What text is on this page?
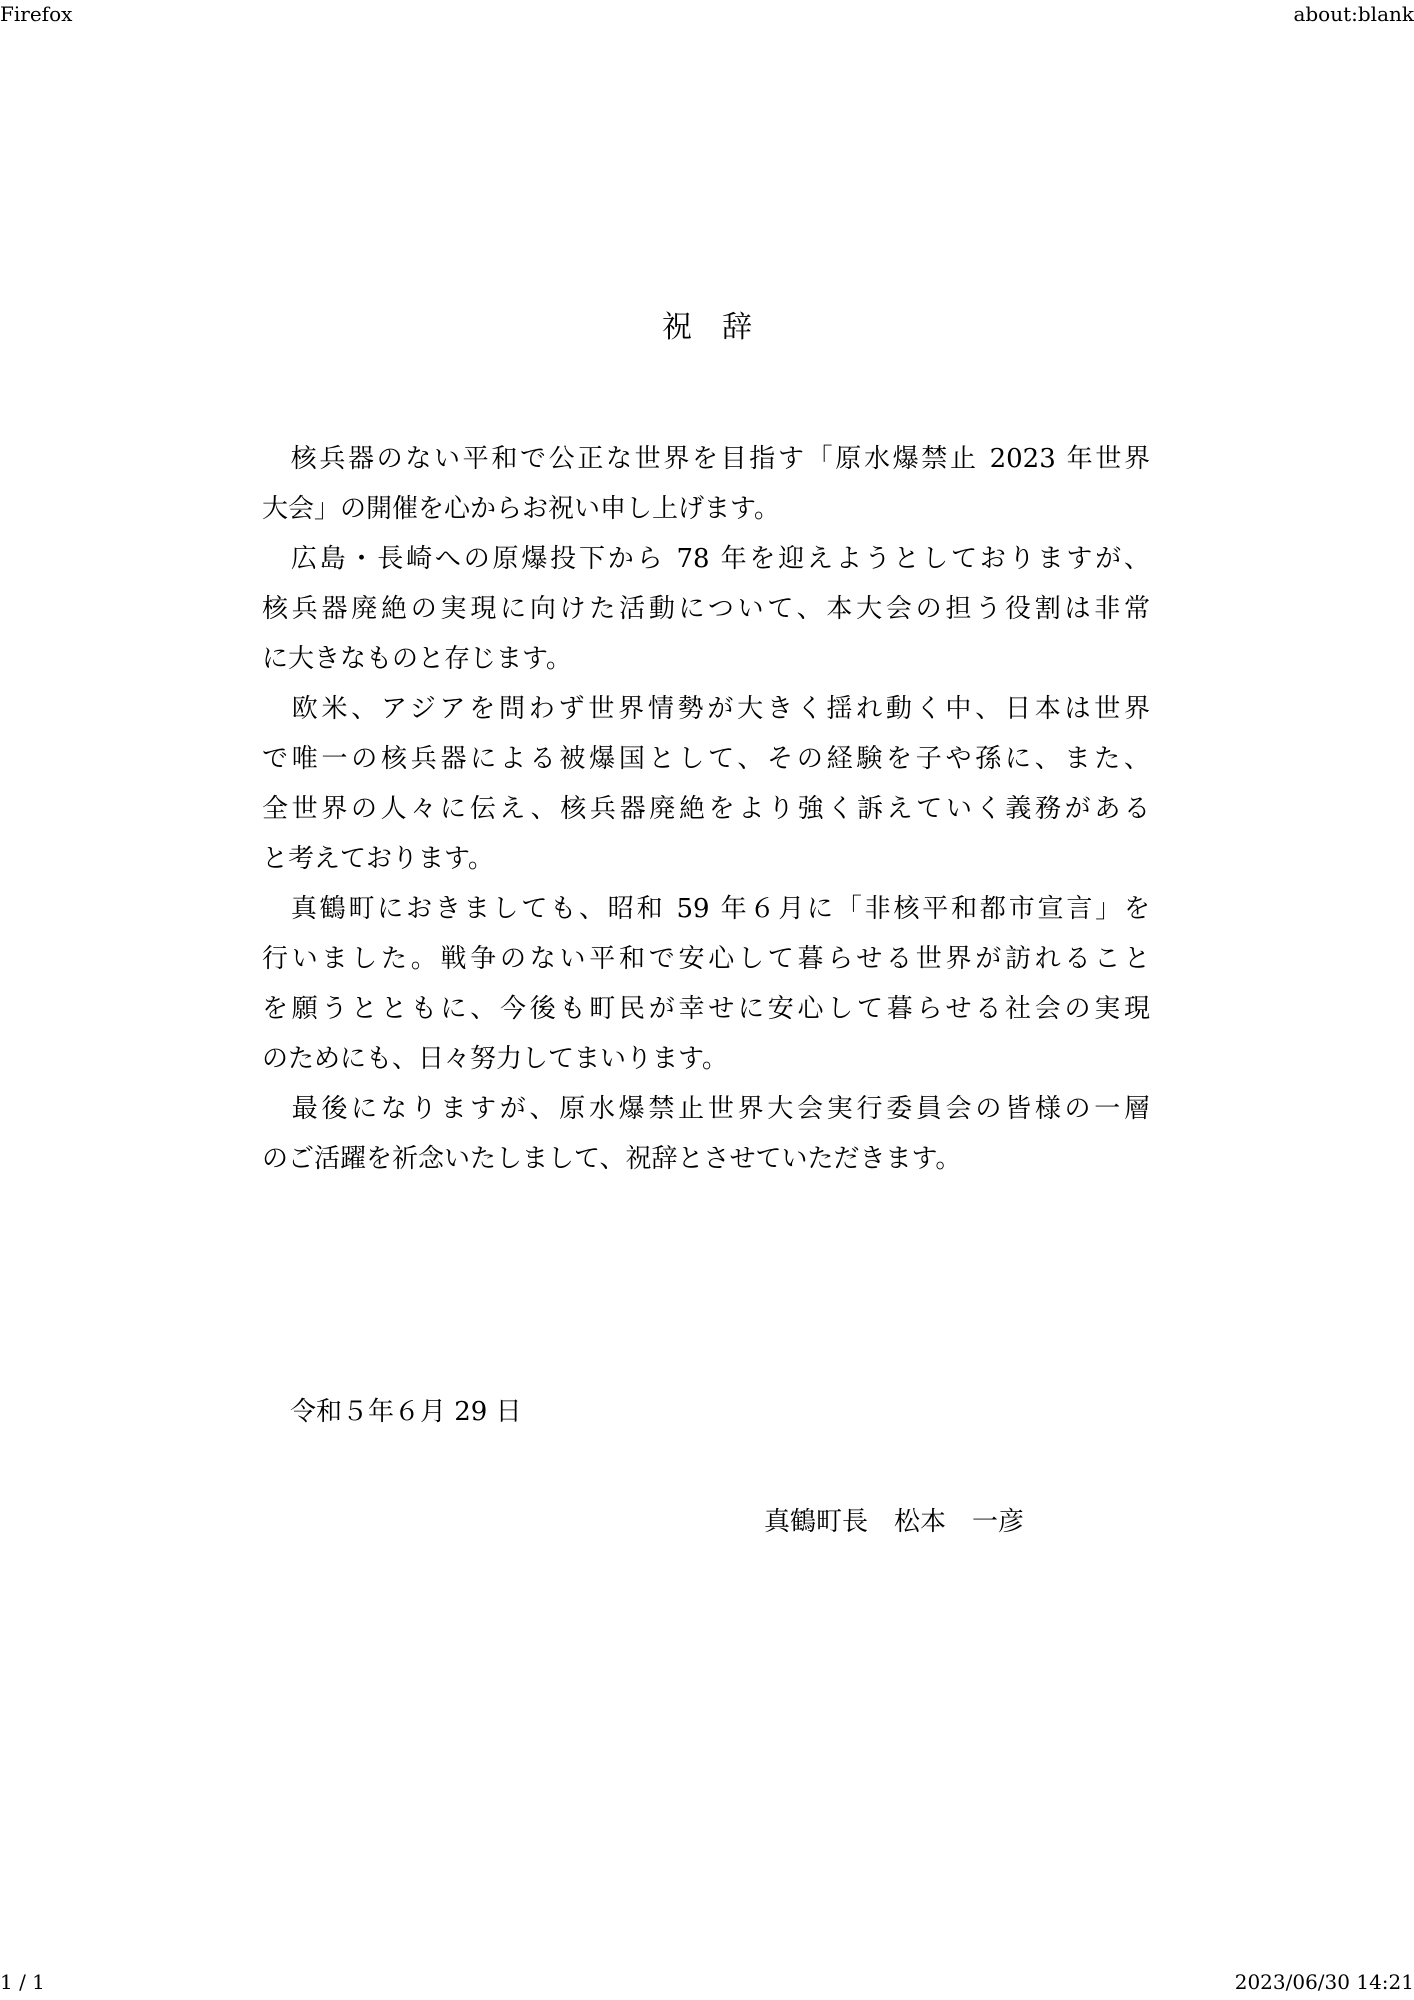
Firefox	about:blank
祝　辞
　核兵器のない平和で公正な世界を目指す「原水爆禁止 2023 年世界
大会」の開催を心からお祝い申し上げます。
　広島・長崎への原爆投下から 78 年を迎えようとしておりますが、
核兵器廃絶の実現に向けた活動について、本大会の担う役割は非常
に大きなものと存じます。
　欧米、アジアを問わず世界情勢が大きく揺れ動く中、日本は世界
で唯一の核兵器による被爆国として、その経験を子や孫に、また、
全世界の人々に伝え、核兵器廃絶をより強く訴えていく義務がある
と考えております。
　真鶴町におきましても、昭和 59 年６月に「非核平和都市宣言」を
行いました。戦争のない平和で安心して暮らせる世界が訪れること
を願うとともに、今後も町民が幸せに安心して暮らせる社会の実現
のためにも、日々努力してまいります。
　最後になりますが、原水爆禁止世界大会実行委員会の皆様の一層
のご活躍を祈念いたしまして、祝辞とさせていただきます。
令和５年６月 29 日
真鶴町長　松本　一彦
1 / 1	2023/06/30 14:21
